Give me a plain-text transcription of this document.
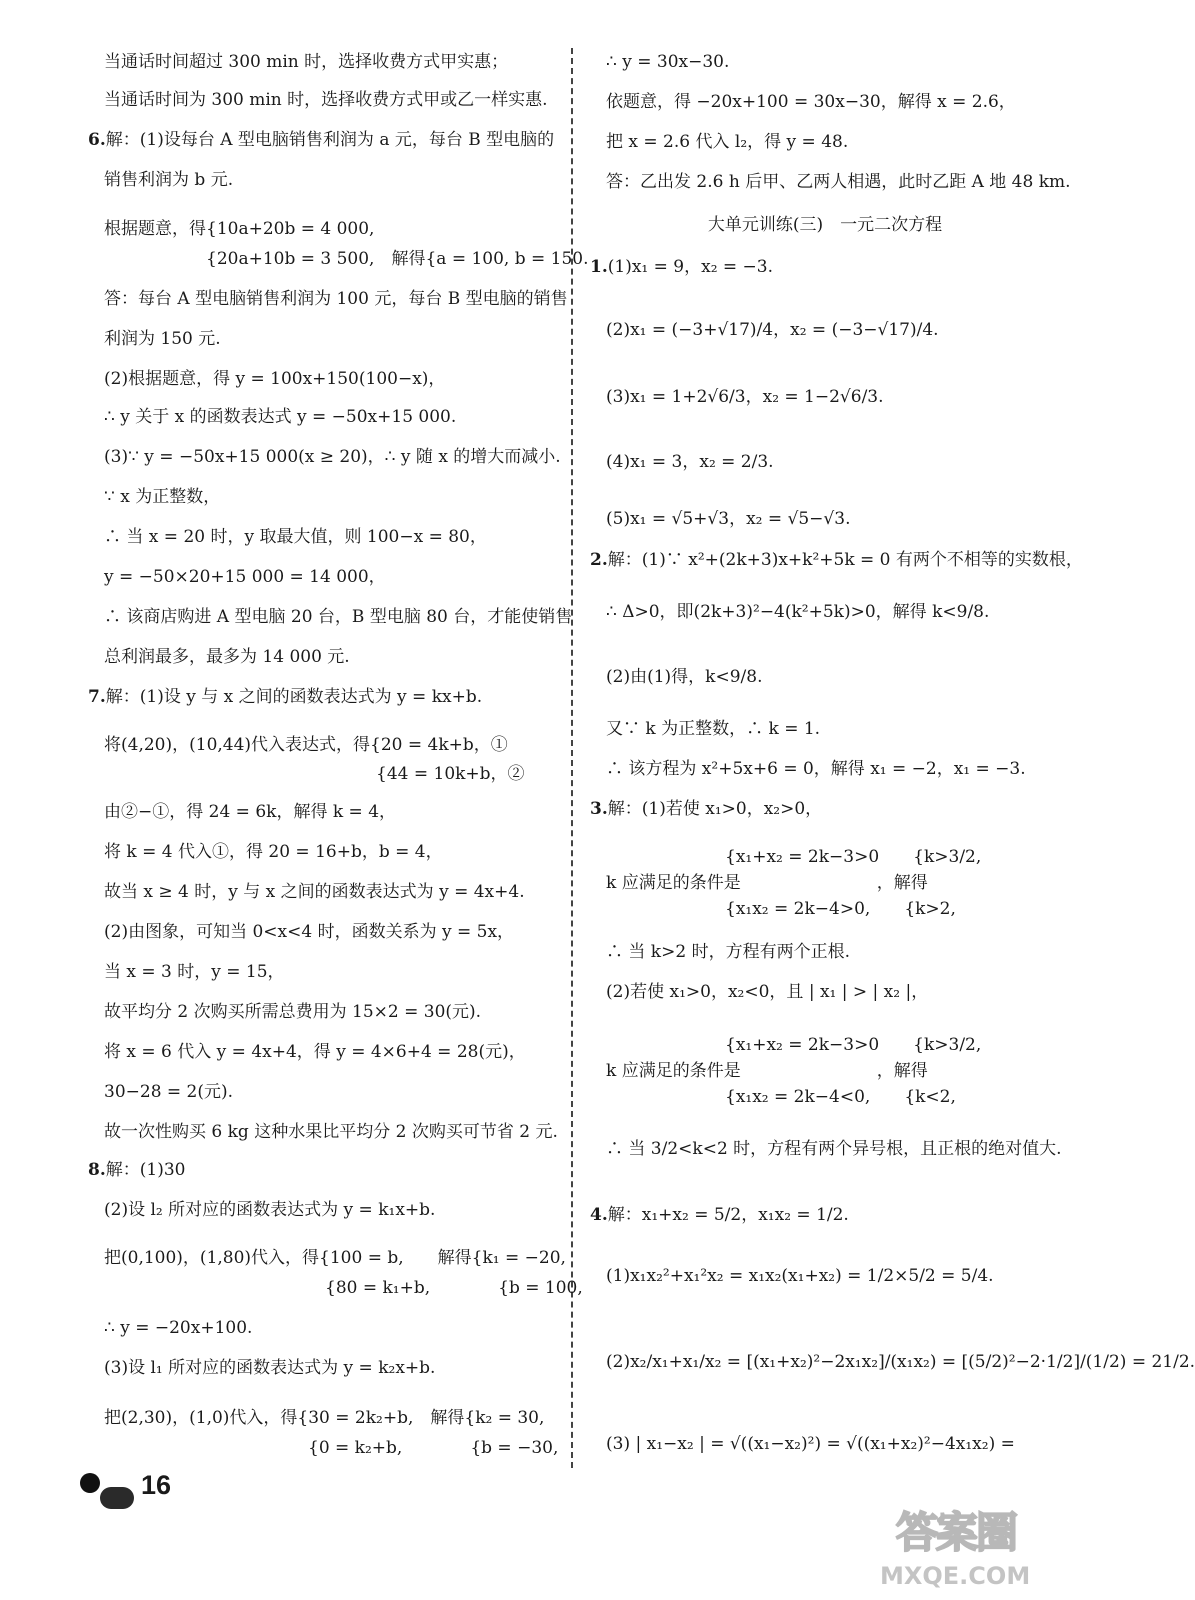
当通话时间超过 300 min 时，选择收费方式甲实惠；
当通话时间为 300 min 时，选择收费方式甲或乙一样实惠.
6.解：(1)设每台 A 型电脑销售利润为 a 元，每台 B 型电脑的
销售利润为 b 元.
根据题意，得{10a+20b = 4 000,
　　　　　　{20a+10b = 3 500,　解得{a = 100, b = 150.
答：每台 A 型电脑销售利润为 100 元，每台 B 型电脑的销售
利润为 150 元.
(2)根据题意，得 y = 100x+150(100−x)，
∴ y 关于 x 的函数表达式 y = −50x+15 000.
(3)∵ y = −50x+15 000(x ≥ 20)，∴ y 随 x 的增大而减小.
∵ x 为正整数，
∴ 当 x = 20 时，y 取最大值，则 100−x = 80，
y = −50×20+15 000 = 14 000，
∴ 该商店购进 A 型电脑 20 台，B 型电脑 80 台，才能使销售
总利润最多，最多为 14 000 元.
7.解：(1)设 y 与 x 之间的函数表达式为 y = kx+b.
将(4,20)，(10,44)代入表达式，得{20 = 4k+b，①
　　　　　　　　　　　　　　　　{44 = 10k+b，②
由②−①，得 24 = 6k，解得 k = 4，
将 k = 4 代入①，得 20 = 16+b，b = 4，
故当 x ≥ 4 时，y 与 x 之间的函数表达式为 y = 4x+4.
(2)由图象，可知当 0<x<4 时，函数关系为 y = 5x，
当 x = 3 时，y = 15，
故平均分 2 次购买所需总费用为 15×2 = 30(元).
将 x = 6 代入 y = 4x+4，得 y = 4×6+4 = 28(元)，
30−28 = 2(元).
故一次性购买 6 kg 这种水果比平均分 2 次购买可节省 2 元.
8.解：(1)30
(2)设 l₂ 所对应的函数表达式为 y = k₁x+b.
把(0,100)，(1,80)代入，得{100 = b,　　解得{k₁ = −20,
　　　　　　　　　　　　　{80 = k₁+b,　　　　{b = 100,
∴ y = −20x+100.
(3)设 l₁ 所对应的函数表达式为 y = k₂x+b.
把(2,30)，(1,0)代入，得{30 = 2k₂+b,　解得{k₂ = 30,
　　　　　　　　　　　　{0 = k₂+b,　　　　{b = −30,
大单元训练(三)　一元二次方程
∴ y = 30x−30.
依题意，得 −20x+100 = 30x−30，解得 x = 2.6，
把 x = 2.6 代入 l₂，得 y = 48.
答：乙出发 2.6 h 后甲、乙两人相遇，此时乙距 A 地 48 km.
1.(1)x₁ = 9，x₂ = −3.
(2)x₁ = (−3+√17)/4，x₂ = (−3−√17)/4.
(3)x₁ = 1+2√6/3，x₂ = 1−2√6/3.
(4)x₁ = 3，x₂ = 2/3.
(5)x₁ = √5+√3，x₂ = √5−√3.
2.解：(1)∵ x²+(2k+3)x+k²+5k = 0 有两个不相等的实数根，
∴ Δ>0，即(2k+3)²−4(k²+5k)>0，解得 k<9/8.
(2)由(1)得，k<9/8.
又∵ k 为正整数，∴ k = 1.
∴ 该方程为 x²+5x+6 = 0，解得 x₁ = −2，x₁ = −3.
3.解：(1)若使 x₁>0，x₂>0，
　　　　　　　{x₁+x₂ = 2k−3>0　　{k>3/2,
k 应满足的条件是　　　　　　　　，解得
　　　　　　　{x₁x₂ = 2k−4>0,　　{k>2,
∴ 当 k>2 时，方程有两个正根.
(2)若使 x₁>0，x₂<0，且 | x₁ | > | x₂ |，
　　　　　　　{x₁+x₂ = 2k−3>0　　{k>3/2,
k 应满足的条件是　　　　　　　　，解得
　　　　　　　{x₁x₂ = 2k−4<0,　　{k<2,
∴ 当 3/2<k<2 时，方程有两个异号根，且正根的绝对值大.
4.解：x₁+x₂ = 5/2，x₁x₂ = 1/2.
(1)x₁x₂²+x₁²x₂ = x₁x₂(x₁+x₂) = 1/2×5/2 = 5/4.
(2)x₂/x₁+x₁/x₂ = [(x₁+x₂)²−2x₁x₂]/(x₁x₂) = [(5/2)²−2·1/2]/(1/2) = 21/2.
(3) | x₁−x₂ | = √((x₁−x₂)²) = √((x₁+x₂)²−4x₁x₂) =
16
答案圈
MXQE.COM
